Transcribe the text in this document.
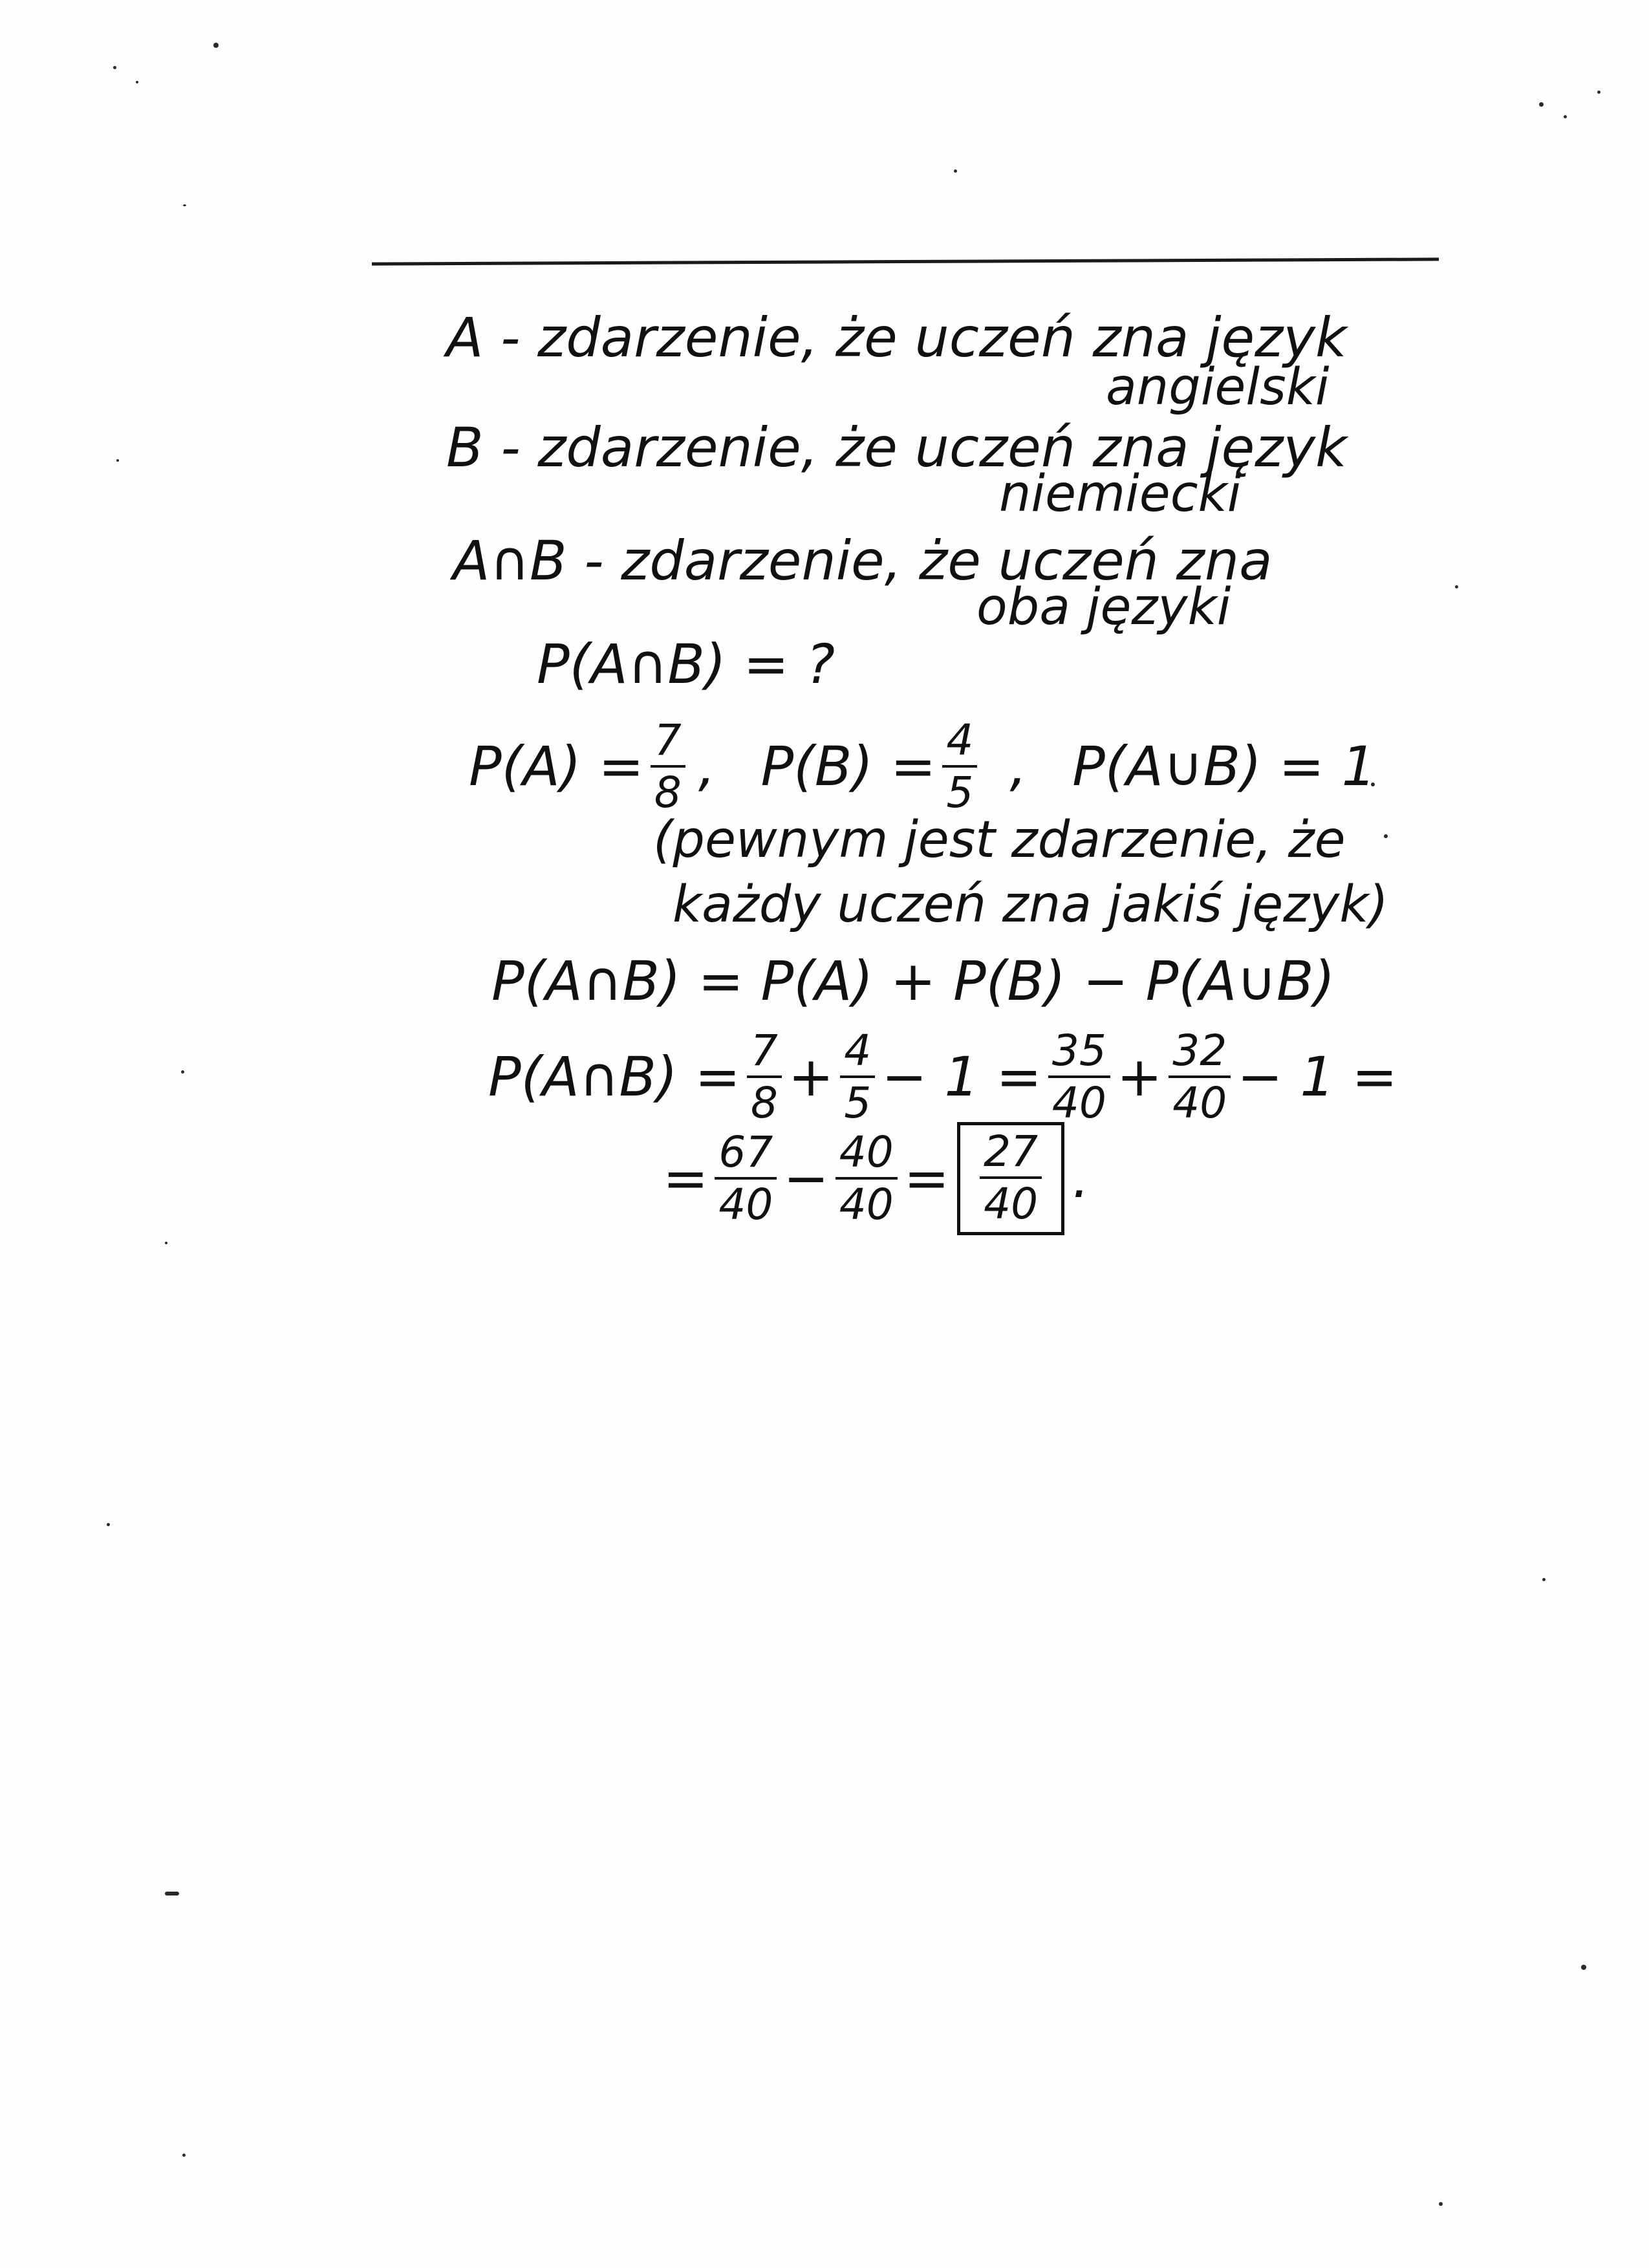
A - zdarzenie, że uczeń zna język
angielski
B - zdarzenie, że uczeń zna język
niemiecki
A∩B - zdarzenie, że uczeń zna
oba języki
P(A∩B) = ?
$P(A) = \frac{7}{8}$ , $P(B) = \frac{4}{5}$ , P(A∪B) = 1
(pewnym jest zdarzenie, że
każdy uczeń zna jakiś język)
P(A∩B) = P(A) + P(B) − P(A∪B)
P(A∩B) = $\frac{7}{8} + \frac{4}{5} - 1 = \frac{35}{40} + \frac{32}{40} - 1$ =
= $\frac{67}{40} - \frac{40}{40} = \frac{27}{40}$ .
